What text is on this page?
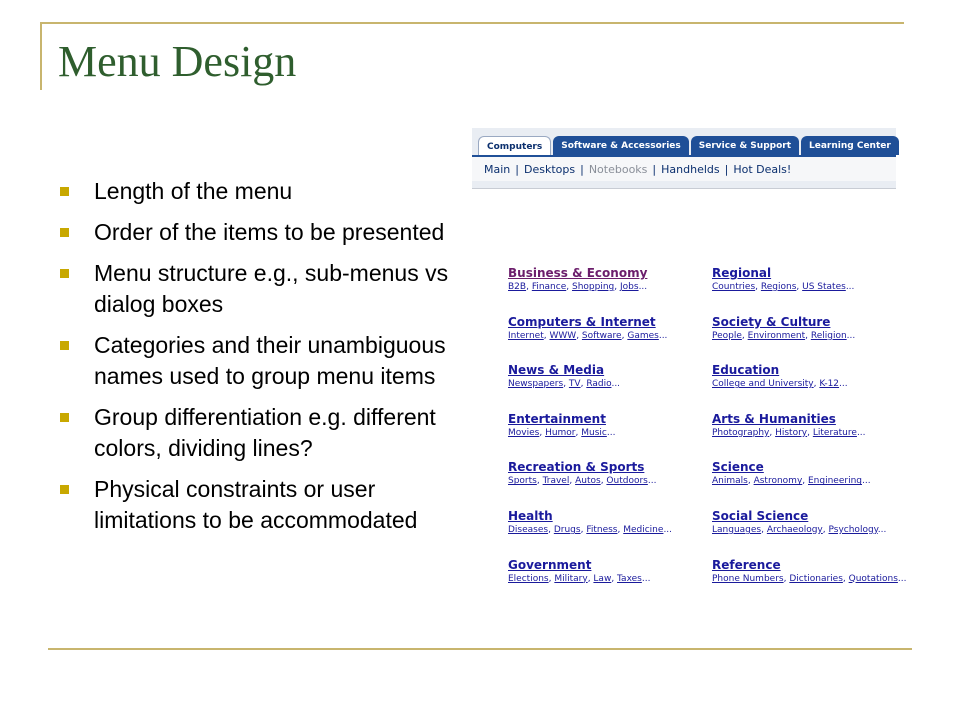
Menu Design
Length of the menu
Order of the items to be presented
Menu structure e.g., sub-menus vs dialog boxes
Categories and their unambiguous names used to group menu items
Group differentiation e.g. different colors, dividing lines?
Physical constraints or user limitations to be accommodated
Computers	Software & Accessories	Service & Support	Learning Center
Main | Desktops | Notebooks | Handhelds | Hot Deals!
Business & Economy
B2B, Finance, Shopping, Jobs...
Regional
Countries, Regions, US States...
Computers & Internet
Internet, WWW, Software, Games...
Society & Culture
People, Environment, Religion...
News & Media
Newspapers, TV, Radio...
Education
College and University, K-12...
Entertainment
Movies, Humor, Music...
Arts & Humanities
Photography, History, Literature...
Recreation & Sports
Sports, Travel, Autos, Outdoors...
Science
Animals, Astronomy, Engineering...
Health
Diseases, Drugs, Fitness, Medicine...
Social Science
Languages, Archaeology, Psychology...
Government
Elections, Military, Law, Taxes...
Reference
Phone Numbers, Dictionaries, Quotations...
